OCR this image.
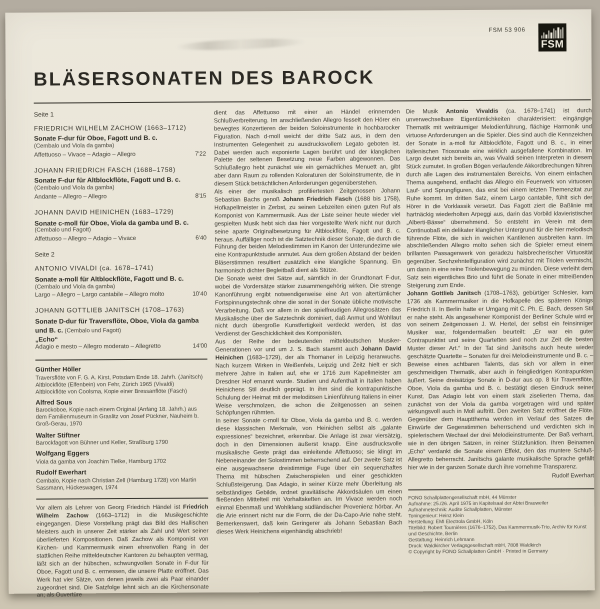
FSM 53 906
FSM
BLÄSERSONATEN DES BAROCK
Seite 1
FRIEDRICH WILHELM ZACHOW (1663–1712)
Sonate F-dur für Oboe, Fagott und B. c.
(Cembalo und Viola da gamba)
Affettuoso – Vivace – Adagio – Allegro	7'22
JOHANN FRIEDRICH FASCH (1688–1758)
Sonate F-dur für Altblockflöte, Fagott und B. c.
(Cembalo und Viola da gamba)
Andante – Allegro – Allegro	8'15
JOHANN DAVID HEINICHEN (1683–1729)
Sonate c-moll für Oboe, Viola da gamba und B. c.
(Cembalo und Fagott)
Affettuoso – Allegro – Adagio – Vivace	6'40
Seite 2
ANTONIO VIVALDI (ca. 1678–1741)
Sonate a-moll für Altblockflöte, Fagott und B. c.
(Cembalo und Viola da gamba)
Largo – Allegro – Largo cantabile – Allegro molto	10'40
JOHANN GOTTLIEB JANITSCH (1708–1763)
Sonate D-dur für Traversflöte, Oboe, Viola da gamba und B. c. (Cembalo und Fagott)
„Echo“
Adagio e mesto – Allegro moderato – Allegretto	14'00
Günther Höller
Traversflöte von F. G. A. Kirst, Potsdam Ende 18. Jahrh. (Janitsch)
Altblockflöte (Elfenbein) von Fehr, Zürich 1965 (Vivaldi)
Altblockflöte von Coolsma, Kopie einer Bressanflöte (Fasch)
Alfred Sous
Barockoboe, Kopie nach einem Original (Anfang 18. Jahrh.) aus dem Familienmuseum in Graslitz von Josef Pückner, Nauheim b. Groß-Gerau, 1970
Walter Stiftner
Barockfagott von Bühner und Keller, Straßburg 1790
Wolfgang Eggers
Viola da gamba von Joachim Tielke, Hamburg 1702
Rudolf Ewerhart
Cembalo, Kopie nach Christian Zell (Hamburg 1728) von Martin Sassmann, Hückeswagen, 1974

Vor allem als Lehrer von Georg Friedrich Händel ist Friedrich Wilhelm Zachow (1663–1712) in die Musikgeschichte eingegangen. Diese Vorstellung prägt das Bild des Hallischen Meisters auch in unserer Zeit stärker als Zahl und Wert seiner überlieferten Kompositionen. Daß Zachow als Komponist von Kirchen- und Kammermusik einen ehrenvollen Rang in der stattlichen Reihe mitteldeutscher Kantoren zu behaupten vermag, läßt sich an der hübschen, schwungvollen Sonate in F-dur für Oboe, Fagott und B. c. ermessen, die unsere Platte eröffnet. Das Werk hat vier Sätze, von denen jeweils zwei als Paar einander zugeordnet sind. Die Satzfolge lehnt sich an die Kirchensonate an; als Ouvertüre

dient das Affettuoso mit einer an Händel erinnernden Schlußverbreiterung. Im anschließenden Allegro fesselt den Hörer ein bewegtes Konzertieren der beiden Soloinstrumente in hochbarocker Figuration. Nach d-moll weicht der dritte Satz aus, in dem den Instrumenten Gelegenheit zu ausdrucksvollem Legato geboten ist. Dabei werden auch exponierte Lagen berührt und der klanglichen Palette der seltenen Besetzung neue Farben abgewonnen. Das Schlußallegro hebt zunächst wie ein gemächliches Menuett an, gibt aber dann Raum zu rollenden Koloraturen der Soloinstrumente, die in diesem Stück beträchtlichen Anforderungen gegenüberstehen.

Als einer der musikalisch profiliertesten Zeitgenossen Johann Sebastian Bachs genoß Johann Friedrich Fasch (1688 bis 1758), Hofkapellmeister in Zerbst, zu seinen Lebzeiten einen guten Ruf als Komponist von Kammermusik. Aus der Liste seiner heute wieder viel gespielten Musik hebt sich das hier vorgestellte Werk nicht nur durch seine aparte Originalbesetzung für Altblockflöte, Fagott und B. c. heraus. Auffälliger noch ist die Satztechnik dieser Sonate, die durch die Führung der beiden Melodiestimmen im Kanon der Unterundezime wie eine Kontrapunktstudie anmutet. Aus dem großen Abstand der beiden Bläserstimmen resultiert zusätzlich eine klangliche Spannung. Ein harmonisch dichter Begleitbaß dient als Stütze.

Die Sonate weist drei Sätze auf, sämtlich in der Grundtonart F-dur, wobei die Vordersätze stärker zusammengehörig wirken. Die strenge Kanonführung ergibt notwendigerweise eine Art von altertümlicher Fortspinnungstechnik ohne die sonst in der Sonate übliche motivische Verarbeitung. Daß vor allem in den spielfreudigen Allegrosätzen das Musikalische über die Satztechnik dominiert, daß Anmut und Wohllaut nicht durch übergroße Kunstfertigkeit verdeckt werden, ist das Verdienst der Geschicklichkeit des Komponisten.

Aus der Reihe der bedeutenden mitteldeutschen Musiker-Generationen vor und um J. S. Bach stammt auch Johann David Heinichen (1683–1729), der als Thomaner in Leipzig heranwuchs. Nach kurzem Wirken in Weißenfels, Leipzig und Zeitz hielt er sich mehrere Jahre in Italien auf, ehe er 1716 zum Kapellmeister am Dresdner Hof ernannt wurde. Studien und Aufenthalt in Italien haben Heinichens Stil deutlich geprägt. In ihm sind die kontrapunktische Schulung der Heimat mit der melodiösen Linienführung Italiens in einer Weise verschmolzen, die schon die Zeitgenossen an seinen Schöpfungen rühmten.

In seiner Sonate c-moll für Oboe, Viola da gamba und B. c. werden diese klassischen Merkmale, von Heinichen selbst als „galante expressiones“ bezeichnet, erkennbar. Die Anlage ist zwar viersätzig, doch in den Dimensionen äußerst knapp. Eine ausdrucksvolle musikalische Geste prägt das einleitende Affettuoso; sie klingt im Nebeneinander der Solostimmen beherrschend auf. Der zweite Satz ist eine ausgewachsene dreistimmige Fuge über ein sequenzhaftes Thema mit hübschen Zwischenspielen und einer geschickten Schlußsteigerung. Das Adagio, in seiner Kürze mehr Überleitung als selbständiges Gebilde, ordnet gravitätische Akkordsäulen um einen fließenden Mittelteil mit Vorhaltsketten an. Im Vivace werden noch einmal Ebenmaß und Wohlklang südländischer Provenienz hörbar. An die Arie erinnert nicht nur die Form, die der Da-Capo-Arie nahe steht. Bemerkenswert, daß kein Geringerer als Johann Sebastian Bach dieses Werk Heinichens eigenhändig abschrieb!

Die Musik Antonio Vivaldis (ca. 1678–1741) ist durch unverwechselbare Eigentümlichkeiten charakterisiert: eingängige Thematik mit weiträumiger Melodienführung, flächige Harmonik und virtuose Anforderungen an die Spieler. Dies sind auch die Kennzeichen der Sonate in a-moll für Altblockflöte, Fagott und B. c., in einer italienischen Triosonate eine wirklich ausgefallene Kombination. Im Largo deutet sich bereits an, was Vivaldi seinen Interpreten in diesem Stück zumutet. In großen Bögen verlaufende Akkordbrechungen führen durch alle Lagen des instrumentalen Bereichs. Von einem einfachen Thema ausgehend, entfacht das Allegro ein Feuerwerk von virtuosen Lauf- und Sprungfiguren, das erst bei einem letzten Themenzitat zur Ruhe kommt. Im dritten Satz, einem Largo cantabile, fühlt sich der Hörer in die Vorklassik versetzt. Das Fagott ziert die Baßlinie mit hartnäckig wiederholten Arpeggi aus, darin das Vorbild klavieristischer „Alberti-Bässe“ übernehmend. So entsteht im Verein mit dem Continuobaß ein delikater klanglicher Untergrund für die hier melodisch führende Flöte, die sich in weichen Kantilenen ausbreiten kann. Im abschließenden Allegro molto sehen sich die Spieler erneut einem brillanten Passagenwerk von geradezu halsbrecherischer Virtuosität gegenüber. Sechzehntelfiguration wird zunächst mit Triolen vermischt, um dann in eine reine Triolenbewegung zu münden. Diese verleiht dem Satz sein eigentliches Brio und führt die Sonate in einer mitreißenden Steigerung zum Ende.

Johann Gottlieb Janitsch (1708–1763), gebürtiger Schlesier, kam 1736 als Kammermusiker in die Hofkapelle des späteren Königs Friedrich II. In Berlin hatte er Umgang mit C. Ph. E. Bach, dessen Stil er nahe steht. Als angesehener Komponist der Berliner Schule wird er von seinem Zeitgenossen J. W. Hertel, der selbst ein feinsinniger Musiker war, folgendermaßen beurteilt: „Er war ein guter Contrapunktist und seine Quartetten sind noch zur Zeit die besten Muster dieser Art.“ In der Tat sind Janitschs auch heute wieder geschätzte Quartette – Sonaten für drei Melodieinstrumente und B. c. – Beweise eines achtbaren Talents, das sich vor allem in einer geschmeidigen Thematik, aber auch in feingliedrigen Kontrapunkten äußert. Seine dreisätzige Sonate in D-dur aus op. 8 für Traversflöte, Oboe, Viola da gamba und B. c. bestätigt diesen Eindruck seiner Kunst. Das Adagio lebt von einem stark ziselierten Thema, das zunächst von der Viola da gamba vorgetragen wird und später wirkungsvoll auch in Moll auftritt. Den zweiten Satz eröffnet die Flöte. Gegenüber dem Hauptthema werden im Verlauf des Satzes die Einwürfe der Gegenstimmen beherrschend und verdichten sich in spielerischem Wechsel der drei Melodieinstrumente. Der Baß verharrt, wie in den übrigen Sätzen, in reiner Stützfunktion. Ihren Beinamen „Echo“ verdankt die Sonate einem Effekt, den das muntere Schluß-Allegretto beherrscht. Janitschs galante musikalische Sprache gefällt hier wie in der ganzen Sonate durch ihre vornehme Transparenz.

Rudolf Ewerhart
FONO Schallplattengesellschaft mbH, 44 Münster
Aufnahme: 25./26. April 1975 im Kapitelsaal der Abtei Brauweiler
Aufnahmetechnik: Audite Schallplatten, Münster
Toningenieur: Heinz Klein
Herstellung: EMI Electrola GmbH, Köln
Titelbild: Robert Tournières (1676–1752), Das Kammermusik-Trio, Archiv für Kunst und Geschichte, Berlin
Gestaltung: Heinrich Lehmann
Druck: Waldkircher Verlagsgesellschaft mbH, 7808 Waldkirch
© Copyright by FONO Schallplatten GmbH · Printed in Germany
